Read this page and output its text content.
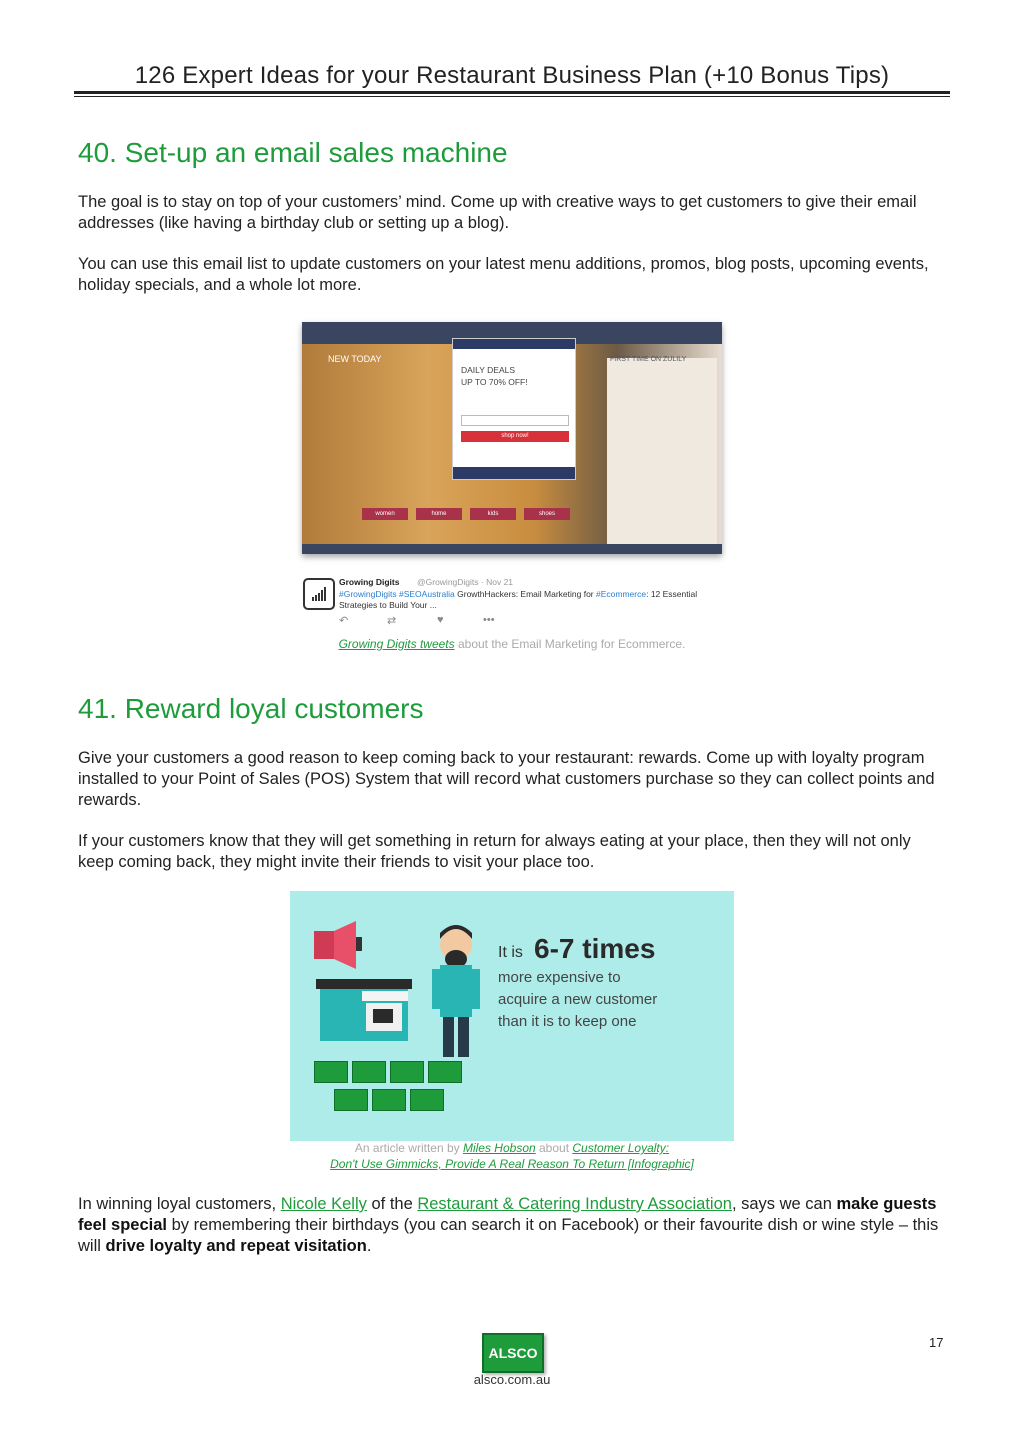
126 Expert Ideas for your Restaurant Business Plan (+10 Bonus Tips)
40. Set-up an email sales machine

The goal is to stay on top of your customers’ mind. Come up with creative ways to get customers to give their email addresses (like having a birthday club or setting up a blog).

You can use this email list to update customers on your latest menu additions, promos, blog posts, upcoming events, holiday specials, and a whole lot more.

NEW TODAY	FIRST TIME ON ZULILY
DAILY DEALS
UP TO 70% OFF!
shop now!
women	home	kids	shoes
Growing Digits @GrowingDigits · Nov 21
#GrowingDigits #SEOAustralia GrowthHackers: Email Marketing for #Ecommerce: 12 Essential
Strategies to Build Your ...
↶	⇄	♥	•••
Growing Digits tweets about the Email Marketing for Ecommerce.
41. Reward loyal customers

Give your customers a good reason to keep coming back to your restaurant: rewards. Come up with loyalty program installed to your Point of Sales (POS) System that will record what customers purchase so they can collect points and rewards.

If your customers know that they will get something in return for always eating at your place, then they will not only keep coming back, they might invite their friends to visit your place too.

It is 6-7 times
more expensive to
acquire a new customer
than it is to keep one
An article written by Miles Hobson about Customer Loyalty:
Don't Use Gimmicks, Provide A Real Reason To Return [Infographic]

In winning loyal customers, Nicole Kelly of the Restaurant & Catering Industry Association, says we can make guests feel special by remembering their birthdays (you can search it on Facebook) or their favourite dish or wine style – this will drive loyalty and repeat visitation.

ALSCO
alsco.com.au
17
